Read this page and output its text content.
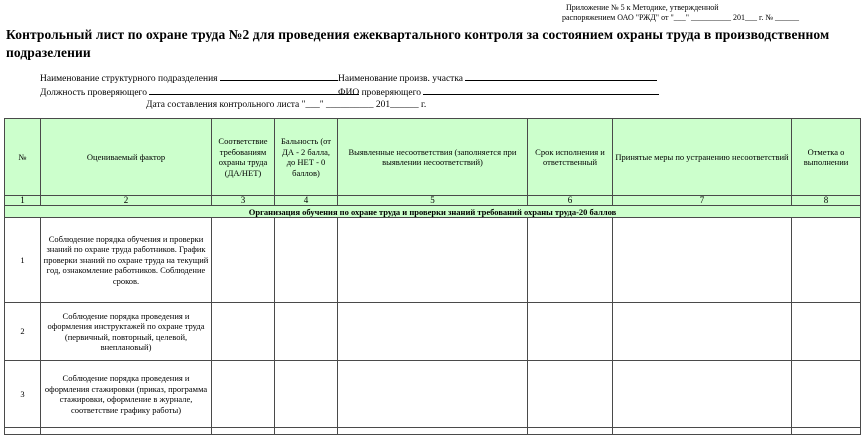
Приложение № 5 к Методике, утвержденной
распоряжением ОАО "РЖД" от "___" __________ 201___ г. № ______
Контрольный лист по охране труда №2 для проведения ежеквартального контроля за состоянием охраны труда в производственном подразелении
Наименование структурного подразделения	Наименование произв. участка
Должность проверяющего	ФИО проверяющего
Дата составления контрольного листа "___" __________ 201______ г.
№	Оцениваемый фактор	Соответствие требованиям охраны труда (ДА/НЕТ)	Бальность (от ДА - 2 балла, до НЕТ - 0 баллов)	Выявленные несоответствия (заполняется при выявлении несоответствий)	Срок исполнения и ответственный	Принятые меры по устранению несоответствий	Отметка о выполнении
1	2	3	4	5	6	7	8
Организация обучения по охране труда и проверки знаний требований охраны труда-20 баллов							
1	Соблюдение порядка обучения и проверки знаний по охране труда работников. График проверки знаний по охране труда на текущий год, ознакомление работников. Соблюдение сроков.						
2	Соблюдение порядка проведения и оформления инструктажей по охране труда (первичный, повторный, целевой, внеплановый)						
3	Соблюдение порядка проведения и оформления стажировки (приказ, программа стажировки, оформление в журнале, соответствие графику работы)						
